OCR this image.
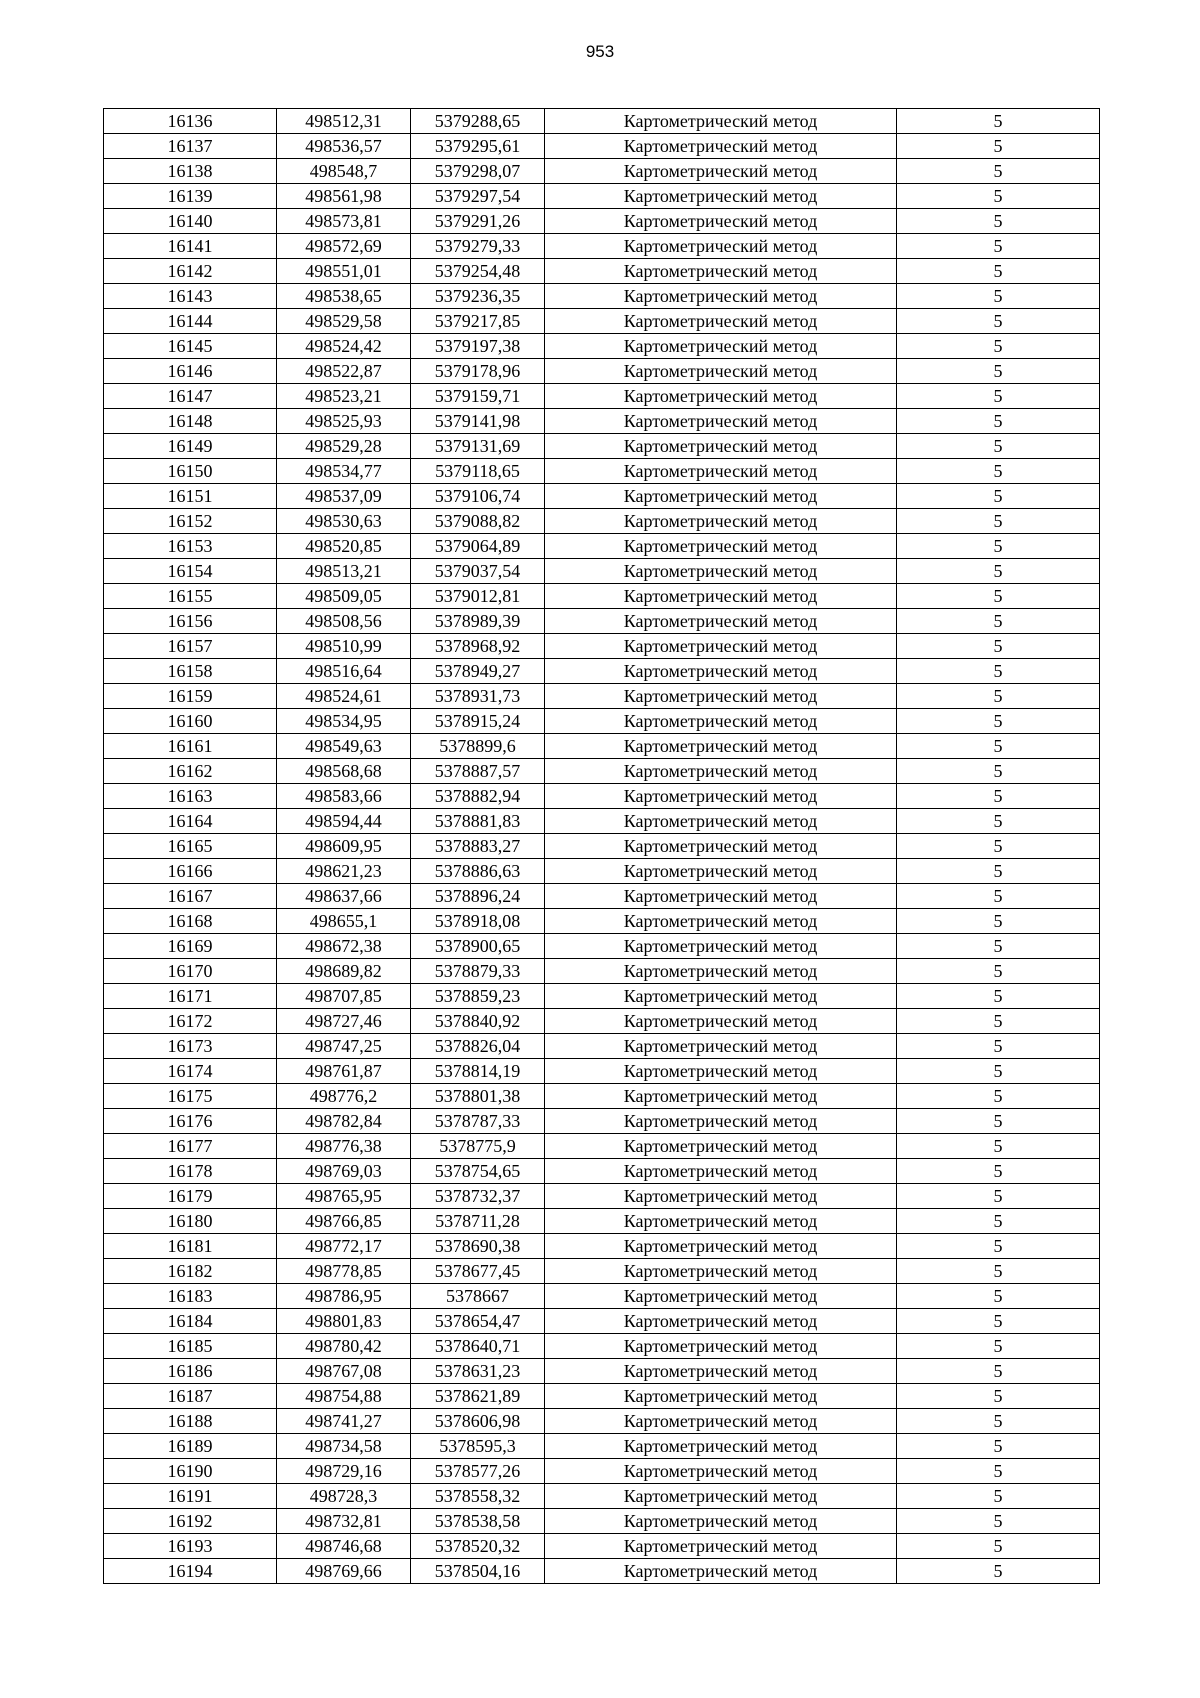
953
16136	498512,31	5379288,65	Картометрический метод	5
16137	498536,57	5379295,61	Картометрический метод	5
16138	498548,7	5379298,07	Картометрический метод	5
16139	498561,98	5379297,54	Картометрический метод	5
16140	498573,81	5379291,26	Картометрический метод	5
16141	498572,69	5379279,33	Картометрический метод	5
16142	498551,01	5379254,48	Картометрический метод	5
16143	498538,65	5379236,35	Картометрический метод	5
16144	498529,58	5379217,85	Картометрический метод	5
16145	498524,42	5379197,38	Картометрический метод	5
16146	498522,87	5379178,96	Картометрический метод	5
16147	498523,21	5379159,71	Картометрический метод	5
16148	498525,93	5379141,98	Картометрический метод	5
16149	498529,28	5379131,69	Картометрический метод	5
16150	498534,77	5379118,65	Картометрический метод	5
16151	498537,09	5379106,74	Картометрический метод	5
16152	498530,63	5379088,82	Картометрический метод	5
16153	498520,85	5379064,89	Картометрический метод	5
16154	498513,21	5379037,54	Картометрический метод	5
16155	498509,05	5379012,81	Картометрический метод	5
16156	498508,56	5378989,39	Картометрический метод	5
16157	498510,99	5378968,92	Картометрический метод	5
16158	498516,64	5378949,27	Картометрический метод	5
16159	498524,61	5378931,73	Картометрический метод	5
16160	498534,95	5378915,24	Картометрический метод	5
16161	498549,63	5378899,6	Картометрический метод	5
16162	498568,68	5378887,57	Картометрический метод	5
16163	498583,66	5378882,94	Картометрический метод	5
16164	498594,44	5378881,83	Картометрический метод	5
16165	498609,95	5378883,27	Картометрический метод	5
16166	498621,23	5378886,63	Картометрический метод	5
16167	498637,66	5378896,24	Картометрический метод	5
16168	498655,1	5378918,08	Картометрический метод	5
16169	498672,38	5378900,65	Картометрический метод	5
16170	498689,82	5378879,33	Картометрический метод	5
16171	498707,85	5378859,23	Картометрический метод	5
16172	498727,46	5378840,92	Картометрический метод	5
16173	498747,25	5378826,04	Картометрический метод	5
16174	498761,87	5378814,19	Картометрический метод	5
16175	498776,2	5378801,38	Картометрический метод	5
16176	498782,84	5378787,33	Картометрический метод	5
16177	498776,38	5378775,9	Картометрический метод	5
16178	498769,03	5378754,65	Картометрический метод	5
16179	498765,95	5378732,37	Картометрический метод	5
16180	498766,85	5378711,28	Картометрический метод	5
16181	498772,17	5378690,38	Картометрический метод	5
16182	498778,85	5378677,45	Картометрический метод	5
16183	498786,95	5378667	Картометрический метод	5
16184	498801,83	5378654,47	Картометрический метод	5
16185	498780,42	5378640,71	Картометрический метод	5
16186	498767,08	5378631,23	Картометрический метод	5
16187	498754,88	5378621,89	Картометрический метод	5
16188	498741,27	5378606,98	Картометрический метод	5
16189	498734,58	5378595,3	Картометрический метод	5
16190	498729,16	5378577,26	Картометрический метод	5
16191	498728,3	5378558,32	Картометрический метод	5
16192	498732,81	5378538,58	Картометрический метод	5
16193	498746,68	5378520,32	Картометрический метод	5
16194	498769,66	5378504,16	Картометрический метод	5
